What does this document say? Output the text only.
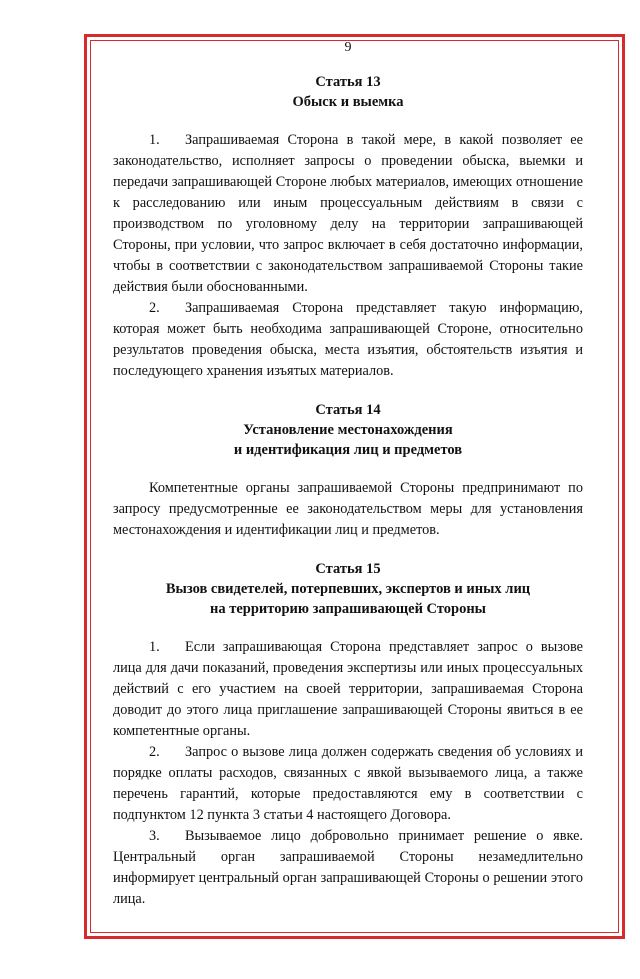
9
Статья 13
Обыск и выемка

1. Запрашиваемая Сторона в такой мере, в какой позволяет ее законодательство, исполняет запросы о проведении обыска, выемки и передачи запрашивающей Стороне любых материалов, имеющих отношение к расследованию или иным процессуальным действиям в связи с производством по уголовному делу на территории запрашивающей Стороны, при условии, что запрос включает в себя достаточно информации, чтобы в соответствии с законодательством запрашиваемой Стороны такие действия были обоснованными.

2. Запрашиваемая Сторона представляет такую информацию, которая может быть необходима запрашивающей Стороне, относительно результатов проведения обыска, места изъятия, обстоятельств изъятия и последующего хранения изъятых материалов.

Статья 14
Установление местонахождения
и идентификация лиц и предметов

Компетентные органы запрашиваемой Стороны предпринимают по запросу предусмотренные ее законодательством меры для установления местонахождения и идентификации лиц и предметов.

Статья 15
Вызов свидетелей, потерпевших, экспертов и иных лиц
на территорию запрашивающей Стороны

1. Если запрашивающая Сторона представляет запрос о вызове лица для дачи показаний, проведения экспертизы или иных процессуальных действий с его участием на своей территории, запрашиваемая Сторона доводит до этого лица приглашение запрашивающей Стороны явиться в ее компетентные органы.

2. Запрос о вызове лица должен содержать сведения об условиях и порядке оплаты расходов, связанных с явкой вызываемого лица, а также перечень гарантий, которые предоставляются ему в соответствии с подпунктом 12 пункта 3 статьи 4 настоящего Договора.

3. Вызываемое лицо добровольно принимает решение о явке. Центральный орган запрашиваемой Стороны незамедлительно информирует центральный орган запрашивающей Стороны о решении этого лица.
